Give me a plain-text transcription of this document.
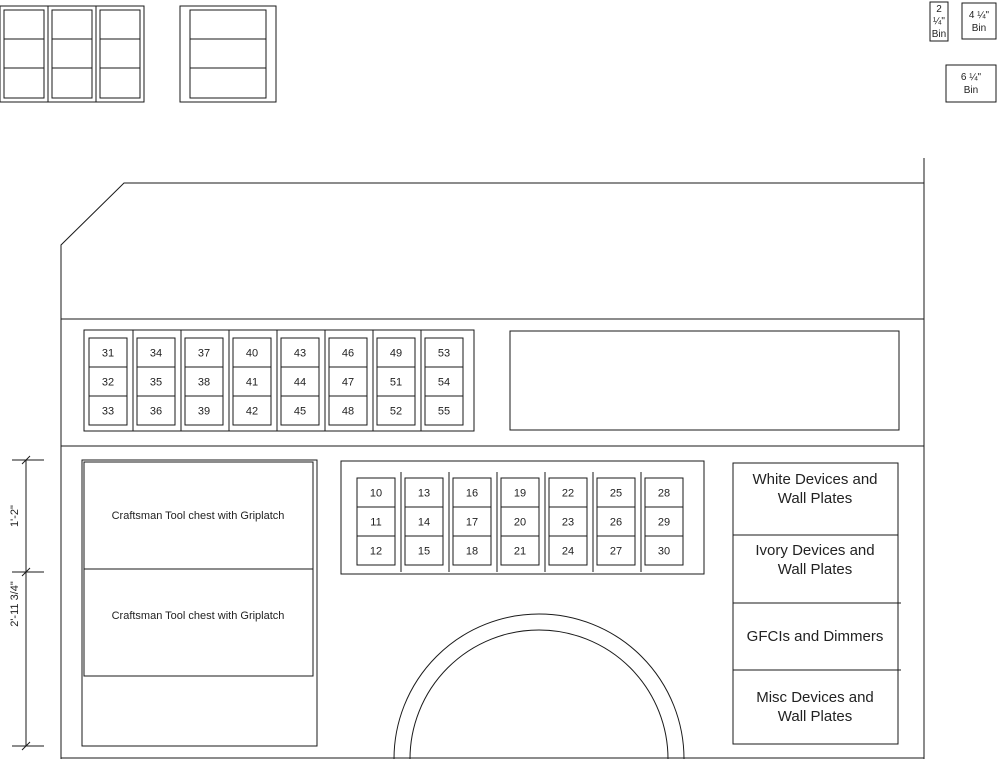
2
¼"
Bin
4 ¼"
Bin
6 ¼"
Bin
31
32
33
34
35
36
37
38
39
40
41
42
43
44
45
46
47
48
49
51
52
53
54
55
10
11
12
13
14
15
16
17
18
19
20
21
22
23
24
25
26
27
28
29
30
Craftsman Tool chest with Griplatch
Craftsman Tool chest with Griplatch
White Devices and
Wall Plates
Ivory Devices and
Wall Plates
GFCIs and Dimmers
Misc Devices and
Wall Plates
1'-2"
2'-11 3/4"
